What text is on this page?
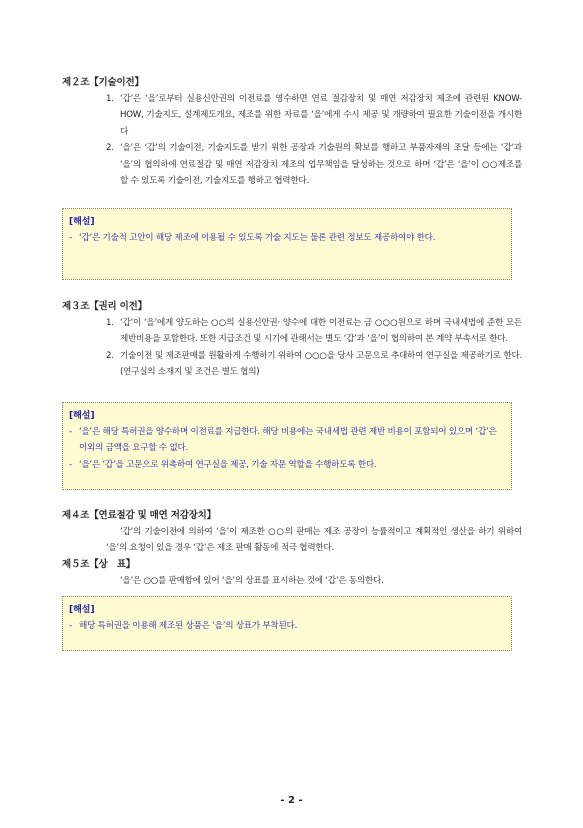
제２조【기술이전】
1. ‘갑’은 ‘을’로부터 실용신안권의 이전료를 영수하면 연료 절감장치 및 매연 저감장치 제조에 관련된 KNOW-HOW, 기술지도, 설계제도개요, 제조를 위한 자료를 ‘을’에게 수시 제공 및 개량하여 필요한 기술이전을 개시한다
2. ‘을’은 ‘갑’의 기술이전, 기술지도를 받기 위한 공장과 기술원의 확보를 행하고 부품자재의 조달 등에는 ‘갑’과 ‘을’의 협의하에 연료절감 및 매연 저감장치 제조의 업무책임을 달성하는 것으로 하며 ‘갑’은 ‘을’이 ○○제조를 할 수 있도록 기술이전, 기술지도를 행하고 협력한다.
[해설]
- ‘갑’은 기술적 고안이 해당 제조에 이용될 수 있도록 기술 지도는 물론 관련 정보도 제공하여야 한다.
제３조【권리 이전】
1. ‘갑’이 ‘을’에게 양도하는 ○○의 실용신안권· 양수에 대한 이전료는 금 ○○○원으로 하며 국내세법에 준한 모든 제반비용을 포함한다. 또한 지급조건 및 시기에 관해서는 별도 ‘갑’과 ‘을’이 협의하여 본 계약 부속서로 한다.
2. 기술이전 및 제조판매를 원활하게 수행하기 위하여 ○○○을 당사 고문으로 추대하여 연구실을 제공하기로 한다. (연구실의 소재지 및 조건은 별도 협의)
[해설]
- ‘을’은 해당 특허권을 양수하며 이전료를 지급한다. 해당 비용에는 국내세법 관련 제반 비용이 포함되어 있으며 ‘갑’은 이외의 금액을 요구할 수 없다.
- ‘을’은 ‘갑’을 고문으로 위촉하여 연구실을 제공, 기술 자문 역할을 수행하도록 한다.
제４조【연료절감 및 매연 저감장치】
‘갑’의 기술이전에 의하여 ‘을’이 제조한 ○○의 판매는 제조 공장이 능률적이고 계획적인 생산을 하기 위하여 ‘을’의 요청이 있을 경우 ‘갑’은 제조 판매 활동에 적극 협력한다.
제５조【상　표】
‘을’은 ○○를 판매함에 있어 ‘을’의 상표를 표시하는 것에 ‘갑’은 동의한다.
[해설]
- 해당 특허권을 이용해 제조된 상품은 ‘을’의 상표가 부착된다.
- 2 -
